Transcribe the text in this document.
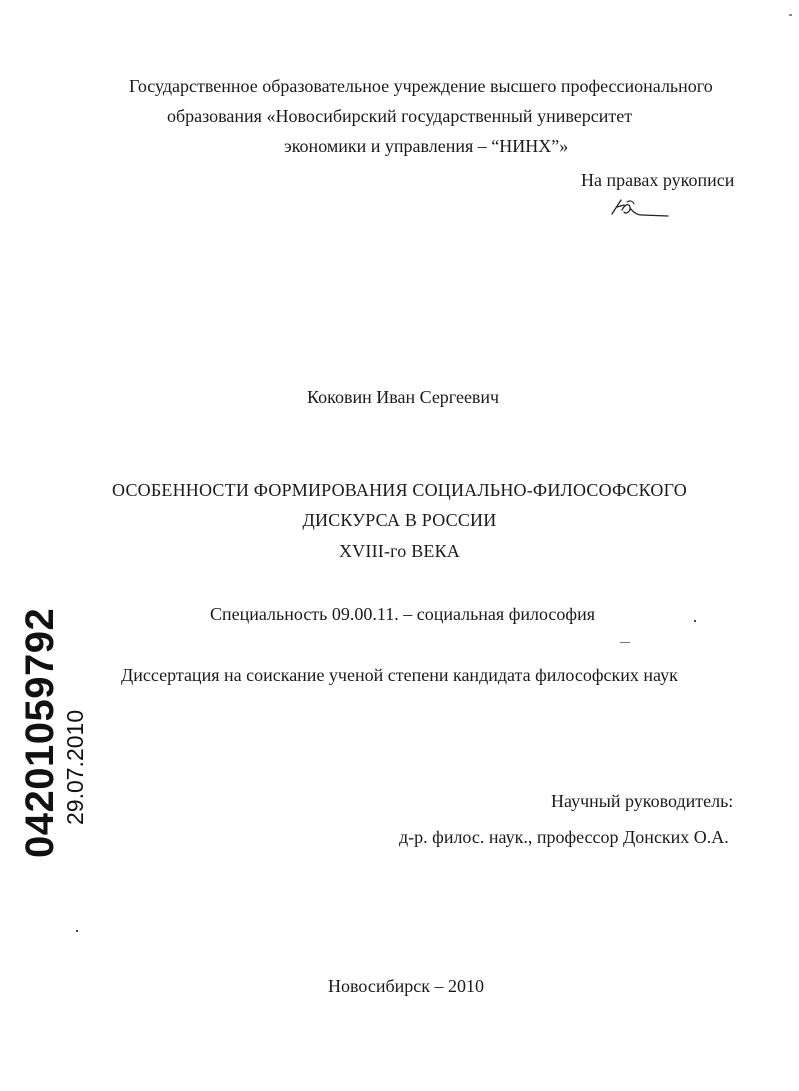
Государственное образовательное учреждение высшего профессионального
образования «Новосибирский государственный университет
экономики и управления – “НИНХ”»
На правах рукописи
Коковин Иван Сергеевич
ОСОБЕННОСТИ ФОРМИРОВАНИЯ СОЦИАЛЬНО-ФИЛОСОФСКОГО
ДИСКУРСА В РОССИИ
XVIII-го ВЕКА
Специальность 09.00.11. – социальная философия
Диссертация на соискание ученой степени кандидата философских наук
Научный руководитель:
д-р. филос. наук., профессор Донских О.А.
Новосибирск – 2010
04201059792 29.07.2010
